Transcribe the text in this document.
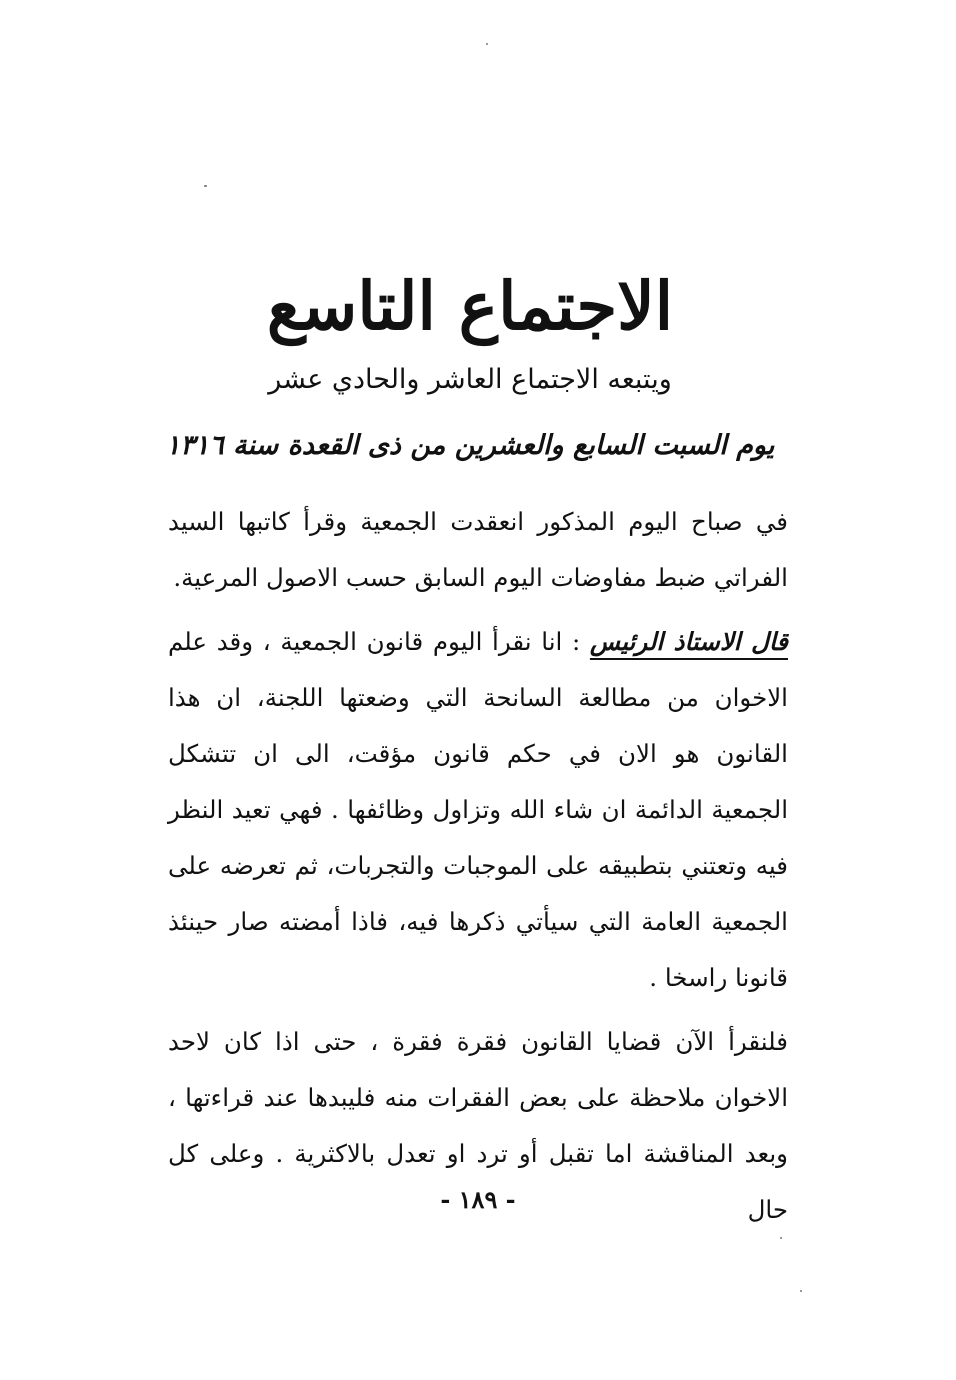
الاجتماع التاسع
ويتبعه الاجتماع العاشر والحادي عشر
يوم السبت السابع والعشرين من ذى القعدة سنة ١٣١٦

في صباح اليوم المذكور انعقدت الجمعية وقرأ كاتبها السيد الفراتي ضبط مفاوضات اليوم السابق حسب الاصول المرعية.

قال الاستاذ الرئيس : انا نقرأ اليوم قانون الجمعية ، وقد علم الاخوان من مطالعة السانحة التي وضعتها اللجنة، ان هذا القانون هو الان في حكم قانون مؤقت، الى ان تتشكل الجمعية الدائمة ان شاء الله وتزاول وظائفها . فهي تعيد النظر فيه وتعتني بتطبيقه على الموجبات والتجربات، ثم تعرضه على الجمعية العامة التي سيأتي ذكرها فيه، فاذا أمضته صار حينئذ قانونا راسخا .

فلنقرأ الآن قضايا القانون فقرة فقرة ، حتى اذا كان لاحد الاخوان ملاحظة على بعض الفقرات منه فليبدها عند قراءتها ، وبعد المناقشة اما تقبل أو ترد او تعدل بالاكثرية . وعلى كل حال

- ١٨٩ -
